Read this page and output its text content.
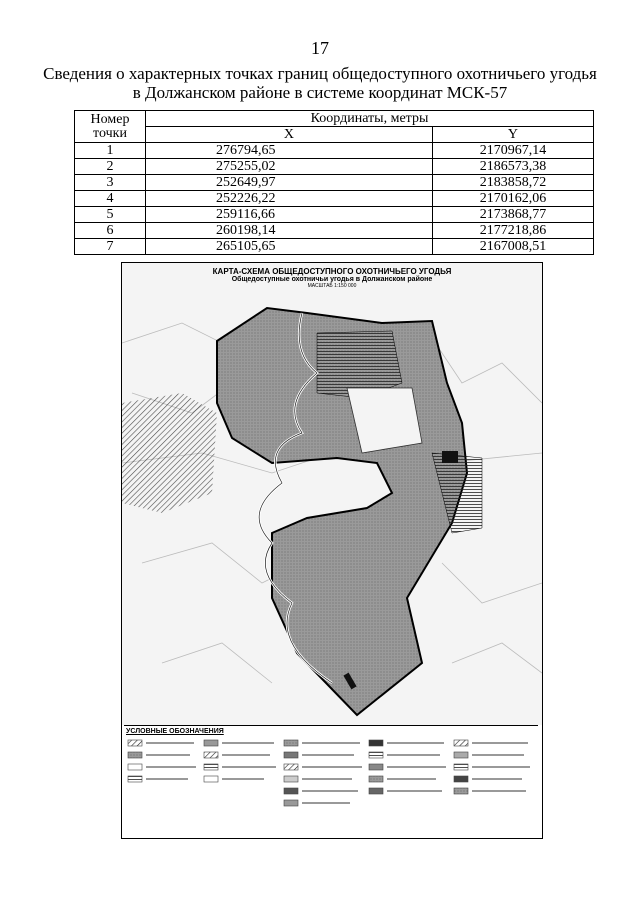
17
Сведения о характерных точках границ общедоступного охотничьего угодья
в Должанском районе в системе координат МСК-57
Номер точки	Координаты, метры	
	X	Y
1	276794,65	2170967,14
2	275255,02	2186573,38
3	252649,97	2183858,72
4	252226,22	2170162,06
5	259116,66	2173868,77
6	260198,14	2177218,86
7	265105,65	2167008,51
КАРТА-СХЕМА ОБЩЕДОСТУПНОГО ОХОТНИЧЬЕГО УГОДЬЯ
Общедоступные охотничьи угодья в Должанском районе
МАСШТАБ 1:150 000
УСЛОВНЫЕ ОБОЗНАЧЕНИЯ
